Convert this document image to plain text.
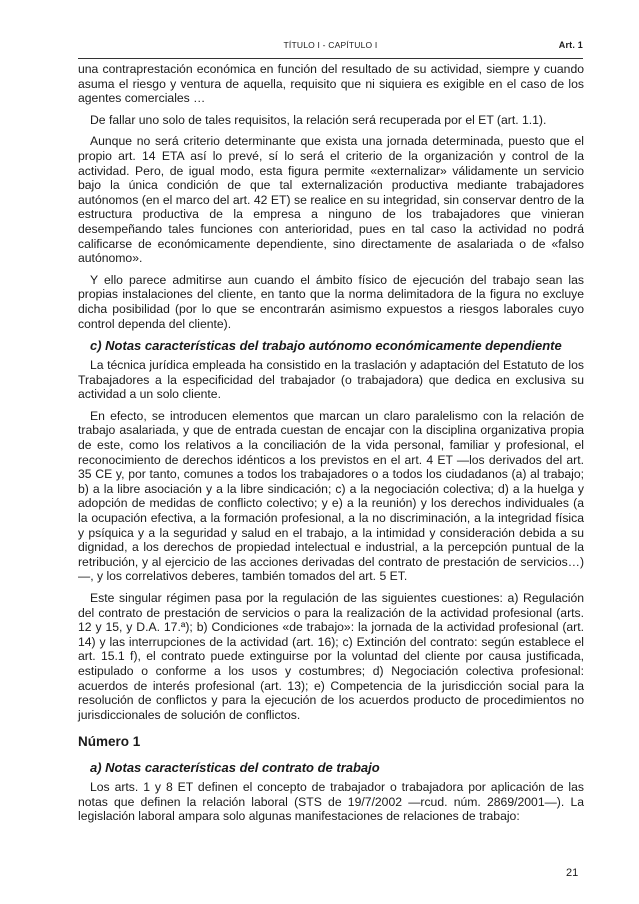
TÍTULO I - CAPÍTULO I	Art. 1

una contraprestación económica en función del resultado de su actividad, siempre y cuando asuma el riesgo y ventura de aquella, requisito que ni siquiera es exigible en el caso de los agentes comerciales …

De fallar uno solo de tales requisitos, la relación será recuperada por el ET (art. 1.1).

Aunque no será criterio determinante que exista una jornada determinada, puesto que el propio art. 14 ETA así lo prevé, sí lo será el criterio de la organización y control de la actividad. Pero, de igual modo, esta figura permite «externalizar» válidamente un servicio bajo la única condición de que tal externalización productiva mediante trabajadores autónomos (en el marco del art. 42 ET) se realice en su integridad, sin conservar dentro de la estructura productiva de la empresa a ninguno de los trabajadores que vinieran desempeñando tales funciones con anterioridad, pues en tal caso la actividad no podrá calificarse de económicamente dependiente, sino directamente de asalariada o de «falso autónomo».

Y ello parece admitirse aun cuando el ámbito físico de ejecución del trabajo sean las propias instalaciones del cliente, en tanto que la norma delimitadora de la figura no excluye dicha posibilidad (por lo que se encontrarán asimismo expuestos a riesgos laborales cuyo control dependa del cliente).

c) Notas características del trabajo autónomo económicamente dependiente

La técnica jurídica empleada ha consistido en la traslación y adaptación del Estatuto de los Trabajadores a la especificidad del trabajador (o trabajadora) que dedica en exclusiva su actividad a un solo cliente.

En efecto, se introducen elementos que marcan un claro paralelismo con la relación de trabajo asalariada, y que de entrada cuestan de encajar con la disciplina organizativa propia de este, como los relativos a la conciliación de la vida personal, familiar y profesional, el reconocimiento de derechos idénticos a los previstos en el art. 4 ET —los derivados del art. 35 CE y, por tanto, comunes a todos los trabajadores o a todos los ciudadanos (a) al trabajo; b) a la libre asociación y a la libre sindicación; c) a la negociación colectiva; d) a la huelga y adopción de medidas de conflicto colectivo; y e) a la reunión) y los derechos individuales (a la ocupación efectiva, a la formación profesional, a la no discriminación, a la integridad física y psíquica y a la seguridad y salud en el trabajo, a la intimidad y consideración debida a su dignidad, a los derechos de propiedad intelectual e industrial, a la percepción puntual de la retribución, y al ejercicio de las acciones derivadas del contrato de prestación de servicios…)—, y los correlativos deberes, también tomados del art. 5 ET.

Este singular régimen pasa por la regulación de las siguientes cuestiones: a) Regulación del contrato de prestación de servicios o para la realización de la actividad profesional (arts. 12 y 15, y D.A. 17.ª); b) Condiciones «de trabajo»: la jornada de la actividad profesional (art. 14) y las interrupciones de la actividad (art. 16); c) Extinción del contrato: según establece el art. 15.1 f), el contrato puede extinguirse por la voluntad del cliente por causa justificada, estipulado o conforme a los usos y costumbres; d) Negociación colectiva profesional: acuerdos de interés profesional (art. 13); e) Competencia de la jurisdicción social para la resolución de conflictos y para la ejecución de los acuerdos producto de procedimientos no jurisdiccionales de solución de conflictos.

Número 1
a) Notas características del contrato de trabajo

Los arts. 1 y 8 ET definen el concepto de trabajador o trabajadora por aplicación de las notas que definen la relación laboral (STS de 19/7/2002 —rcud. núm. 2869/2001—). La legislación laboral ampara solo algunas manifestaciones de relaciones de trabajo:

21
